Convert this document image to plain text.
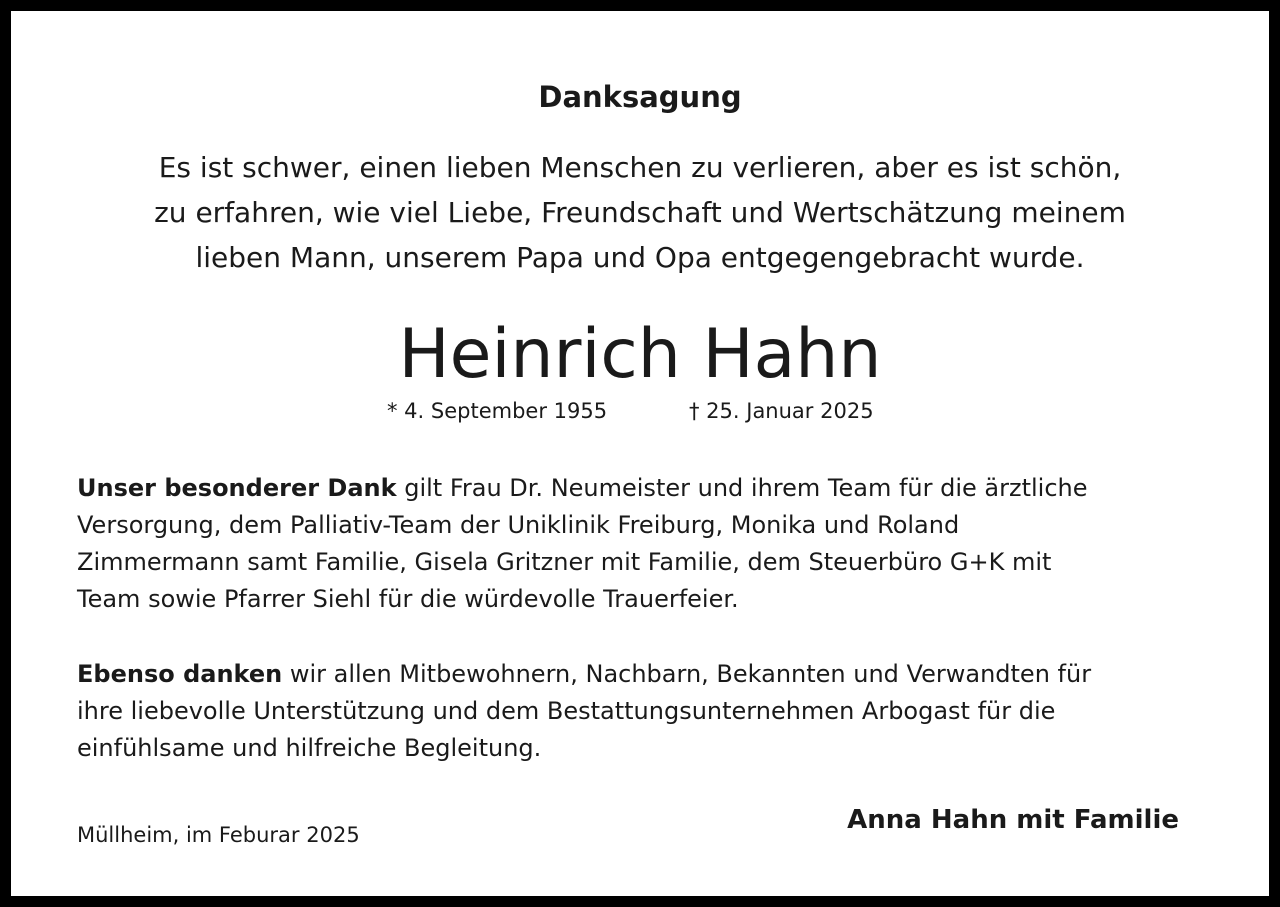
Danksagung
Es ist schwer, einen lieben Menschen zu verlieren, aber es ist schön,
zu erfahren, wie viel Liebe, Freundschaft und Wertschätzung meinem
lieben Mann, unserem Papa und Opa entgegengebracht wurde.
Heinrich Hahn
* 4. September 1955	† 25. Januar 2025
Unser besonderer Dank gilt Frau Dr. Neumeister und ihrem Team für die ärztliche
Versorgung, dem Palliativ-Team der Uniklinik Freiburg, Monika und Roland
Zimmermann samt Familie, Gisela Gritzner mit Familie, dem Steuerbüro G+K mit
Team sowie Pfarrer Siehl für die würdevolle Trauerfeier.
Ebenso danken wir allen Mitbewohnern, Nachbarn, Bekannten und Verwandten für
ihre liebevolle Unterstützung und dem Bestattungsunternehmen Arbogast für die
einfühlsame und hilfreiche Begleitung.
Müllheim, im Feburar 2025	Anna Hahn mit Familie
